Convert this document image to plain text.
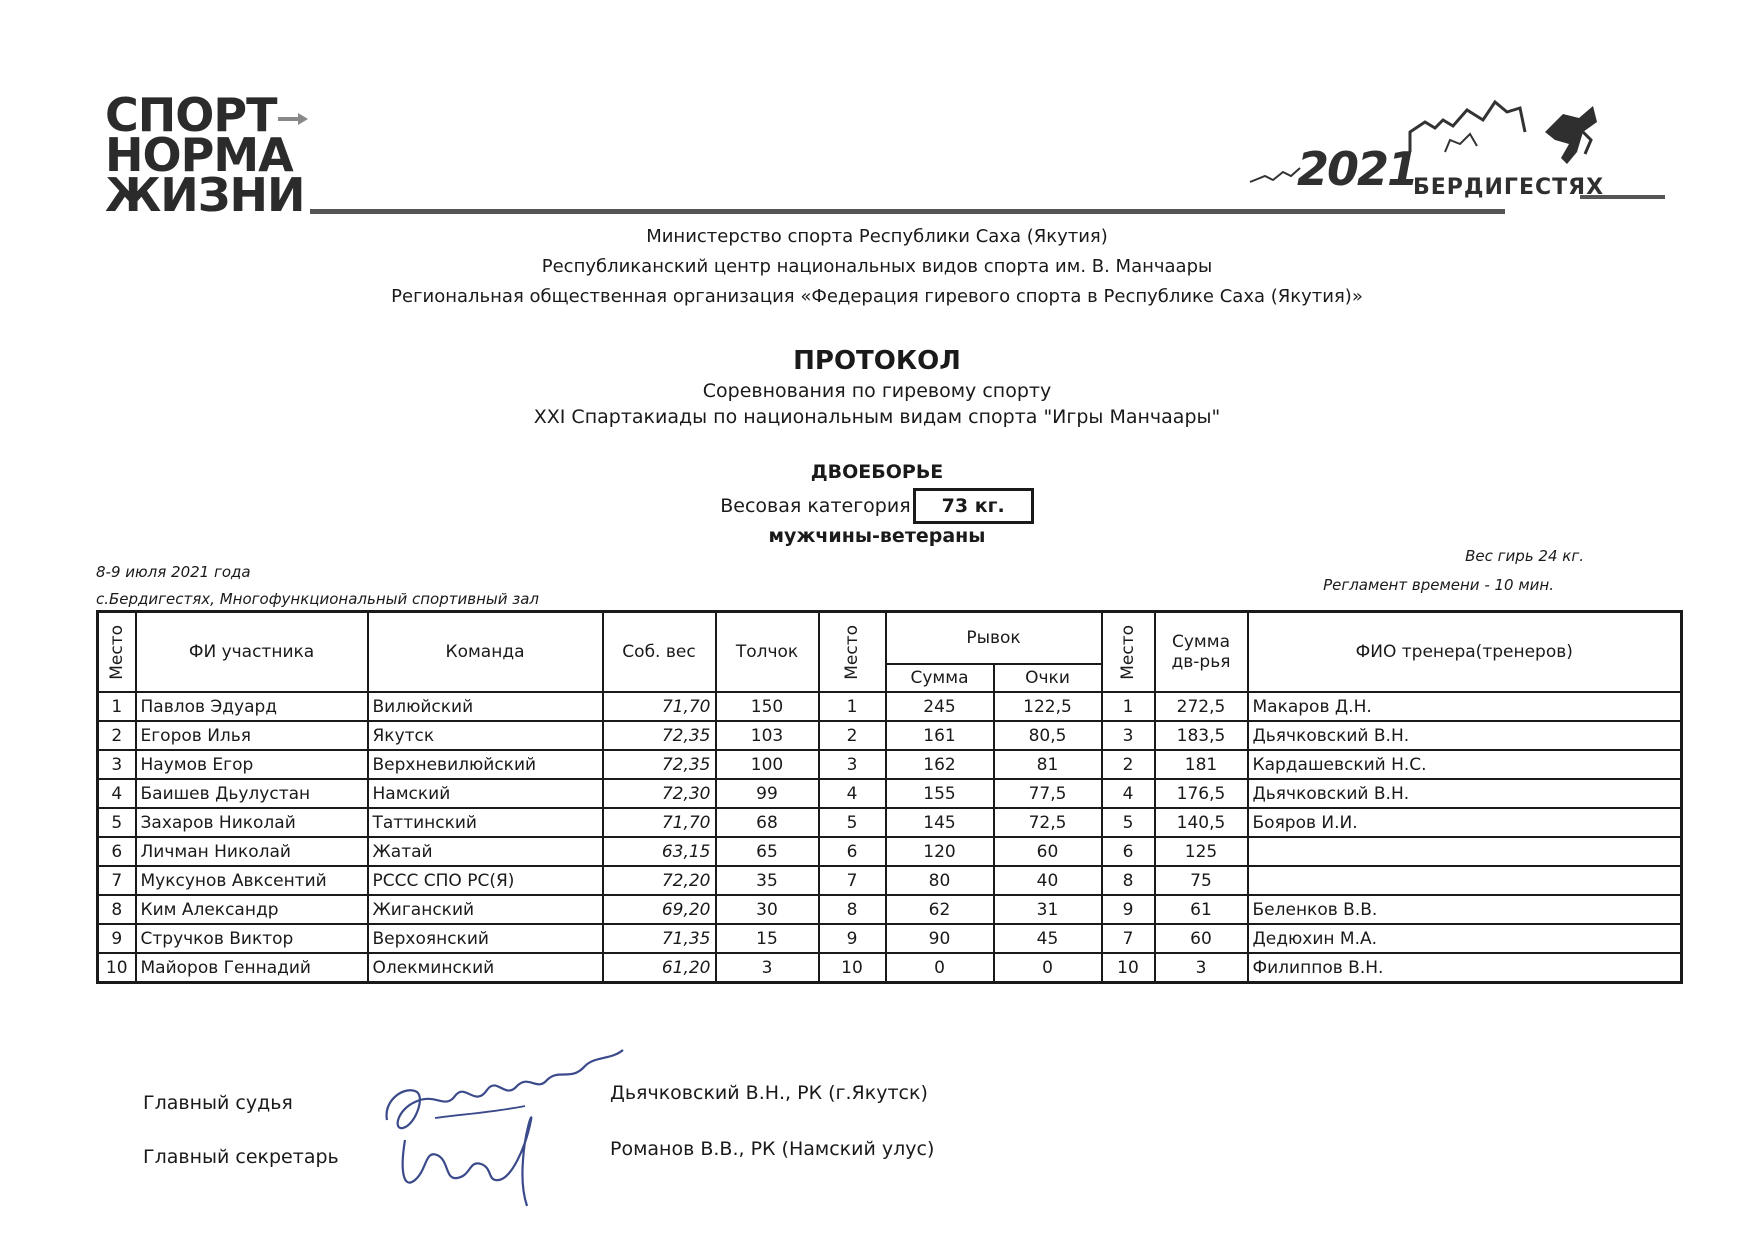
СПОРТ
НОРМА
ЖИЗНИ	2021
БЕРДИГЕСТЯХ
Министерство спорта Республики Саха (Якутия)
Республиканский центр национальных видов спорта им. В. Манчаары
Региональная общественная организация «Федерация гиревого спорта в Республике Саха (Якутия)»
ПРОТОКОЛ
Соревнования по гиревому спорту
XXI Спартакиады по национальным видам спорта "Игры Манчаары"
ДВОЕБОРЬЕ
Весовая категория 73 кг.
мужчины-ветераны
8-9 июля 2021 года
с.Бердигестях, Многофункциональный спортивный зал
Вес гирь 24 кг.
Регламент времени - 10 мин.
Место	ФИ участника	Команда	Соб. вес	Толчок	Место	Рывок		Место	Сумма дв-рья	ФИО тренера(тренеров)
						Сумма	Очки			
1	Павлов Эдуард	Вилюйский	71,70	150	1	245	122,5	1	272,5	Макаров Д.Н.
2	Егоров Илья	Якутск	72,35	103	2	161	80,5	3	183,5	Дьячковский В.Н.
3	Наумов Егор	Верхневилюйский	72,35	100	3	162	81	2	181	Кардашевский Н.С.
4	Баишев Дьулустан	Намский	72,30	99	4	155	77,5	4	176,5	Дьячковский В.Н.
5	Захаров Николай	Таттинский	71,70	68	5	145	72,5	5	140,5	Бояров И.И.
6	Личман Николай	Жатай	63,15	65	6	120	60	6	125	
7	Муксунов Авксентий	РССС СПО РС(Я)	72,20	35	7	80	40	8	75	
8	Ким Александр	Жиганский	69,20	30	8	62	31	9	61	Беленков В.В.
9	Стручков Виктор	Верхоянский	71,35	15	9	90	45	7	60	Дедюхин М.А.
10	Майоров Геннадий	Олекминский	61,20	3	10	0	0	10	3	Филиппов В.Н.
Главный судья
Главный секретарь
Дьячковский В.Н., РК (г.Якутск)
Романов В.В., РК (Намский улус)
